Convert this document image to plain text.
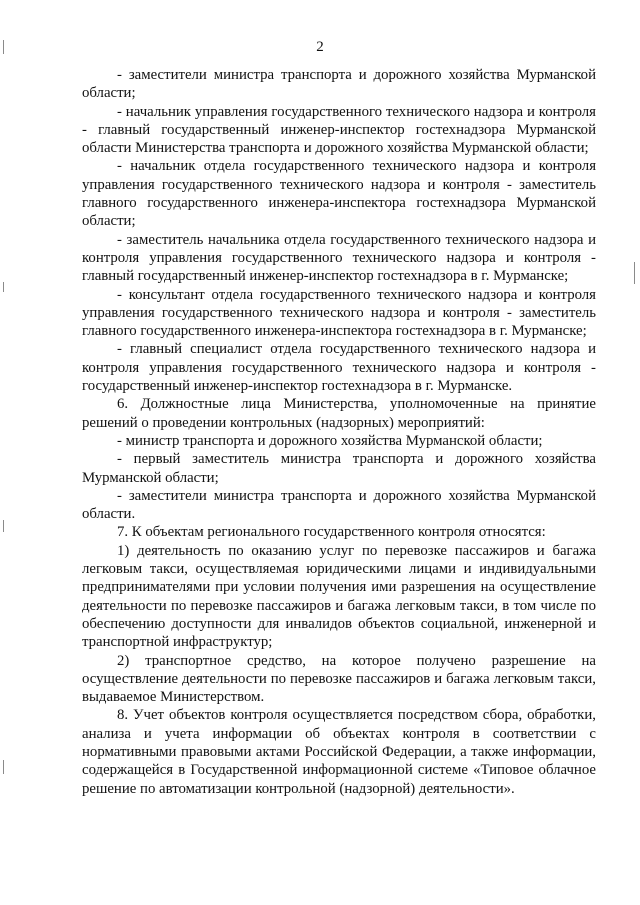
2

- заместители министра транспорта и дорожного хозяйства Мурманской области;

- начальник управления государственного технического надзора и контроля - главный государственный инженер-инспектор гостехнадзора Мурманской области Министерства транспорта и дорожного хозяйства Мурманской области;

- начальник отдела государственного технического надзора и контроля управления государственного технического надзора и контроля - заместитель главного государственного инженера-инспектора гостехнадзора Мурманской области;

- заместитель начальника отдела государственного технического надзора и контроля управления государственного технического надзора и контроля - главный государственный инженер-инспектор гостехнадзора в г. Мурманске;

- консультант отдела государственного технического надзора и контроля управления государственного технического надзора и контроля - заместитель главного государственного инженера-инспектора гостехнадзора в г. Мурманске;

- главный специалист отдела государственного технического надзора и контроля управления государственного технического надзора и контроля - государственный инженер-инспектор гостехнадзора в г. Мурманске.

6. Должностные лица Министерства, уполномоченные на принятие решений о проведении контрольных (надзорных) мероприятий:

- министр транспорта и дорожного хозяйства Мурманской области;

- первый заместитель министра транспорта и дорожного хозяйства Мурманской области;

- заместители министра транспорта и дорожного хозяйства Мурманской области.

7. К объектам регионального государственного контроля относятся:

1) деятельность по оказанию услуг по перевозке пассажиров и багажа легковым такси, осуществляемая юридическими лицами и индивидуальными предпринимателями при условии получения ими разрешения на осуществление деятельности по перевозке пассажиров и багажа легковым такси, в том числе по обеспечению доступности для инвалидов объектов социальной, инженерной и транспортной инфраструктур;

2) транспортное средство, на которое получено разрешение на осуществление деятельности по перевозке пассажиров и багажа легковым такси, выдаваемое Министерством.

8. Учет объектов контроля осуществляется посредством сбора, обработки, анализа и учета информации об объектах контроля в соответствии с нормативными правовыми актами Российской Федерации, а также информации, содержащейся в Государственной информационной системе «Типовое облачное решение по автоматизации контрольной (надзорной) деятельности».
